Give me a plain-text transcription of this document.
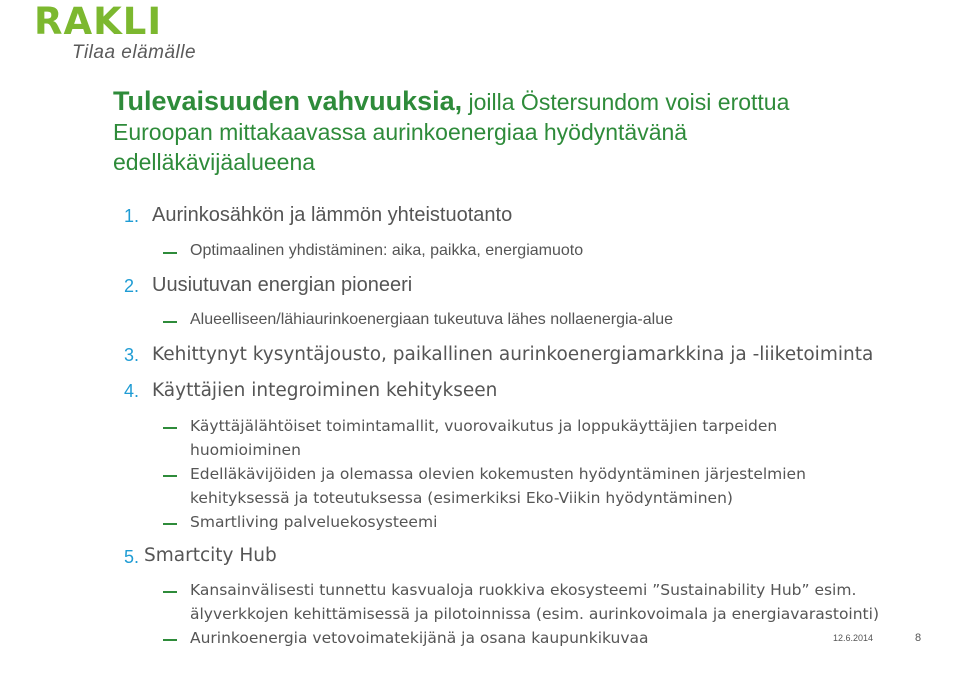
RAKLI
Tilaa elämälle
Tulevaisuuden vahvuuksia, joilla Östersundom voisi erottua
Euroopan mittakaavassa aurinkoenergiaa hyödyntävänä
edelläkävijäalueena
1. Aurinkosähkön ja lämmön yhteistuotanto
Optimaalinen yhdistäminen: aika, paikka, energiamuoto
2. Uusiutuvan energian pioneeri
Alueelliseen/lähiaurinkoenergiaan tukeutuva lähes nollaenergia-alue
3. Kehittynyt kysyntäjousto, paikallinen aurinkoenergiamarkkina ja -liiketoiminta
4. Käyttäjien integroiminen kehitykseen
Käyttäjälähtöiset toimintamallit, vuorovaikutus ja loppukäyttäjien tarpeiden
huomioiminen
Edelläkävijöiden ja olemassa olevien kokemusten hyödyntäminen järjestelmien
kehityksessä ja toteutuksessa (esimerkiksi Eko-Viikin hyödyntäminen)
Smartliving palveluekosysteemi
5. Smartcity Hub
Kansainvälisesti tunnettu kasvualoja ruokkiva ekosysteemi ”Sustainability Hub” esim.
älyverkkojen kehittämisessä ja pilotoinnissa (esim. aurinkovoimala ja energiavarastointi)
Aurinkoenergia vetovoimatekijänä ja osana kaupunkikuvaa	12.6.2014	8
